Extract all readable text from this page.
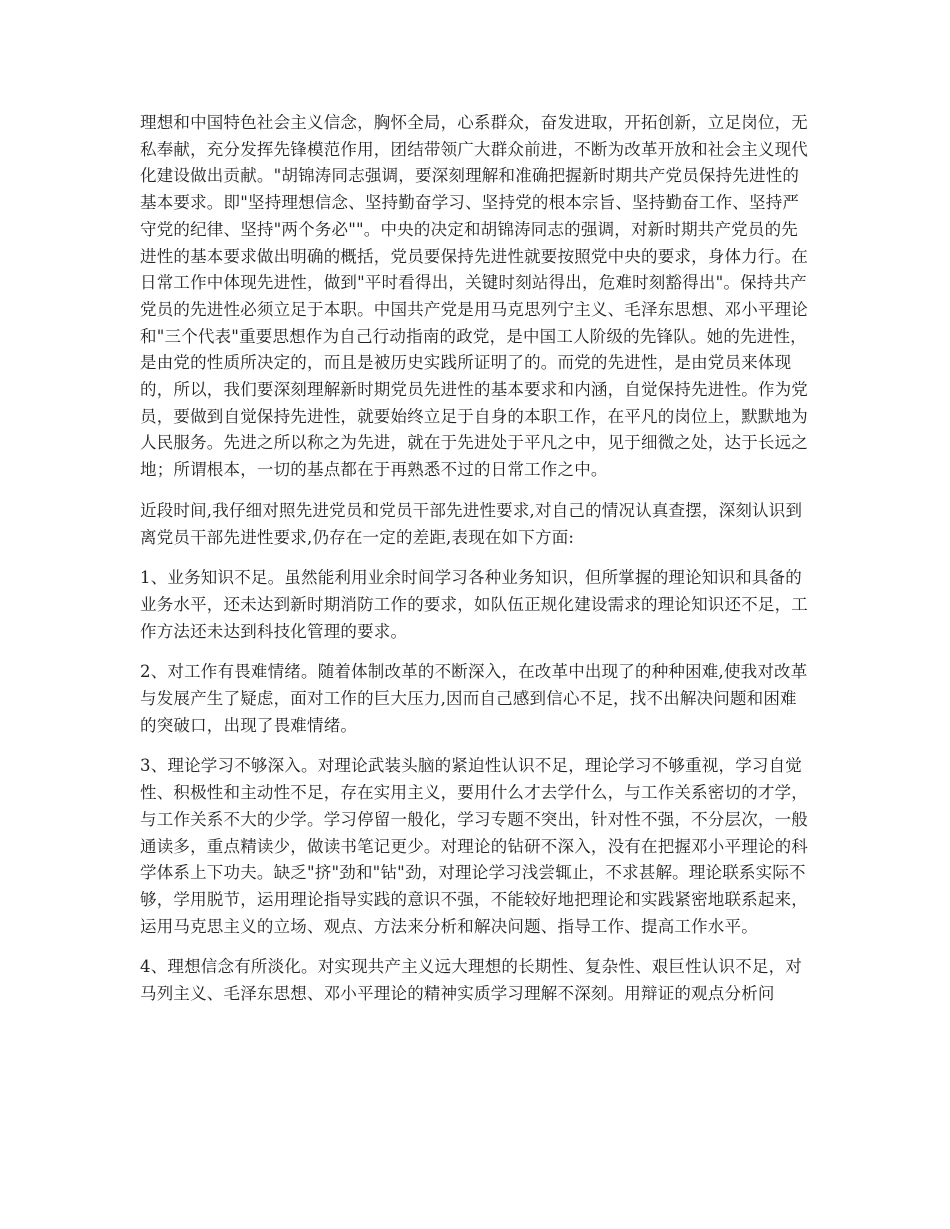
理想和中国特色社会主义信念，胸怀全局，心系群众，奋发进取，开拓创新，立足岗位，无私奉献，充分发挥先锋模范作用，团结带领广大群众前进，不断为改革开放和社会主义现代化建设做出贡献。"胡锦涛同志强调，要深刻理解和准确把握新时期共产党员保持先进性的基本要求。即"坚持理想信念、坚持勤奋学习、坚持党的根本宗旨、坚持勤奋工作、坚持严守党的纪律、坚持"两个务必""。中央的决定和胡锦涛同志的强调，对新时期共产党员的先进性的基本要求做出明确的概括，党员要保持先进性就要按照党中央的要求，身体力行。在日常工作中体现先进性，做到"平时看得出，关键时刻站得出，危难时刻豁得出"。保持共产党员的先进性必须立足于本职。中国共产党是用马克思列宁主义、毛泽东思想、邓小平理论和"三个代表"重要思想作为自己行动指南的政党，是中国工人阶级的先锋队。她的先进性，是由党的性质所决定的，而且是被历史实践所证明了的。而党的先进性，是由党员来体现的，所以，我们要深刻理解新时期党员先进性的基本要求和内涵，自觉保持先进性。作为党员，要做到自觉保持先进性，就要始终立足于自身的本职工作，在平凡的岗位上，默默地为人民服务。先进之所以称之为先进，就在于先进处于平凡之中，见于细微之处，达于长远之地；所谓根本，一切的基点都在于再熟悉不过的日常工作之中。

近段时间,我仔细对照先进党员和党员干部先进性要求,对自己的情况认真查摆，深刻认识到离党员干部先进性要求,仍存在一定的差距,表现在如下方面:

1、业务知识不足。虽然能利用业余时间学习各种业务知识，但所掌握的理论知识和具备的业务水平，还未达到新时期消防工作的要求，如队伍正规化建设需求的理论知识还不足，工作方法还未达到科技化管理的要求。

2、对工作有畏难情绪。随着体制改革的不断深入，在改革中出现了的种种困难,使我对改革与发展产生了疑虑，面对工作的巨大压力,因而自己感到信心不足，找不出解决问题和困难的突破口，出现了畏难情绪。

3、理论学习不够深入。对理论武装头脑的紧迫性认识不足，理论学习不够重视，学习自觉性、积极性和主动性不足，存在实用主义，要用什么才去学什么，与工作关系密切的才学，与工作关系不大的少学。学习停留一般化，学习专题不突出，针对性不强，不分层次，一般通读多，重点精读少，做读书笔记更少。对理论的钻研不深入，没有在把握邓小平理论的科学体系上下功夫。缺乏"挤"劲和"钻"劲，对理论学习浅尝辄止，不求甚解。理论联系实际不够，学用脱节，运用理论指导实践的意识不强，不能较好地把理论和实践紧密地联系起来，运用马克思主义的立场、观点、方法来分析和解决问题、指导工作、提高工作水平。

4、理想信念有所淡化。对实现共产主义远大理想的长期性、复杂性、艰巨性认识不足，对马列主义、毛泽东思想、邓小平理论的精神实质学习理解不深刻。用辩证的观点分析问
